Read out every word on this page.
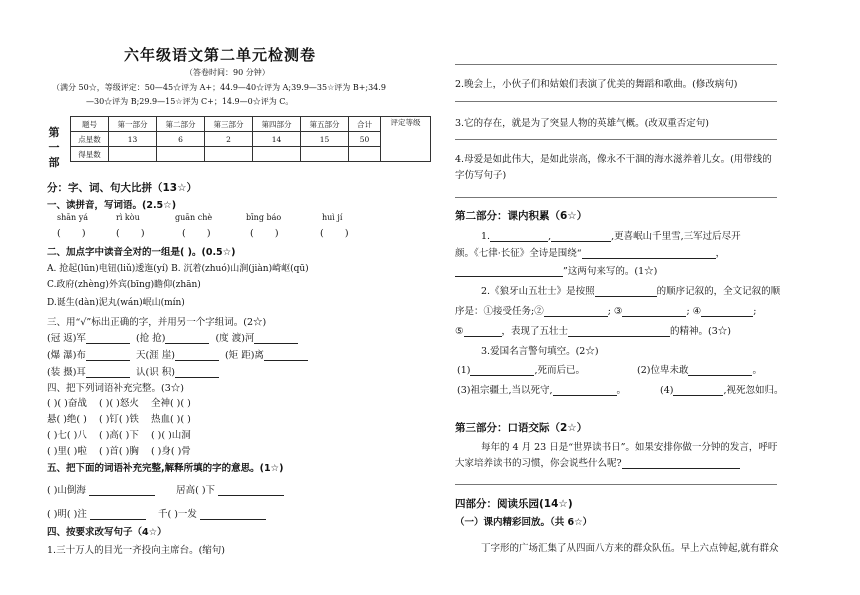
六年级语文第二单元检测卷
（答卷时间：90 分钟）
（满分 50☆，等级评定：50—45☆评为 A+；44.9—40☆评为 A;39.9—35☆评为 B+;34.9
—30☆评为 B;29.9—15☆评为 C+；14.9—0☆评为 C。
第
一
部
题号	第一部分	第二部分	第三部分	第四部分	第五部分	合计	评定等级
点星数	13	6	2	14	15	50	
得星数							
分：字、词、句大比拼（13☆）
一、读拼音，写词语。(2.5☆)
shān yá	rì kòu	guān chè	bīng báo	huì jí
( )	( )	( )	( )	( )
二、加点字中读音全对的一组是( )。(0.5☆)
A. 抢起(lūn)电钮(liǔ)逶迤(yí) B. 沉着(zhuó)山涧(jiàn)崎岖(qū)
C.政府(zhèng)外宾(bīng)瞻仰(zhān)
D.诞生(dàn)泥丸(wán)岷山(mín)
三、用“√”标出正确的字，并用另一个字组词。(2☆)
(冠 返)军	(抢 抢)	(度 渡)河
(爆 瀑)布	天(涯 崖)	(矩 距)离
(装 摄)耳	认(识 积)
四、把下列词语补充完整。(3☆)
( )( )奋战 ( )( )怒火 全神( )( )
悬( )绝( ) ( )钉( )铁 热血( )( )
( )七( )八 ( )高( )下 ( )( )山洞
( )里( )啦 ( )首( )胸 ( )身( )骨
五、把下面的词语补充完整,解释所填的字的意思。(1☆)
( )山倒海	居高( )下
( )明( )注	千( )一发
四、按要求改写句子（4☆）
1.三十万人的目光一齐投向主席台。(缩句)
2.晚会上，小伙子们和姑娘们表演了优美的舞蹈和歌曲。(修改病句)
3.它的存在，就是为了突显人物的英雄气概。(改双重否定句)
4.母爱是如此伟大，是如此崇高，像永不干涸的海水滋养着儿女。(用带线的
字仿写句子)
第二部分：课内积累（6☆）
1.	,	,更喜岷山千里雪,三军过后尽开
颜。《七律·长征》全诗是围绕“	，
”这两句来写的。(1☆)
2.《狼牙山五壮士》是按照	的顺序记叙的，全文记叙的顺
序是：①接受任务;②	; ③	; ④	;
⑤	，表现了五壮士	的精神。(3☆)
3.爱国名言警句填空。(2☆)
(1)	,死而后已。	(2)位卑未敢	。
(3)祖宗疆土,当以死守,	。	(4)	,视死忽如归。
第三部分：口语交际（2☆）
每年的 4 月 23 日是“世界读书日”。如果安排你做一分钟的发言，呼吁
大家培养读书的习惯，你会说些什么呢?
四部分：阅读乐园(14☆)
（一）课内精彩回放。（共 6☆）
丁字形的广场汇集了从四面八方来的群众队伍。早上六点钟起,就有群众
